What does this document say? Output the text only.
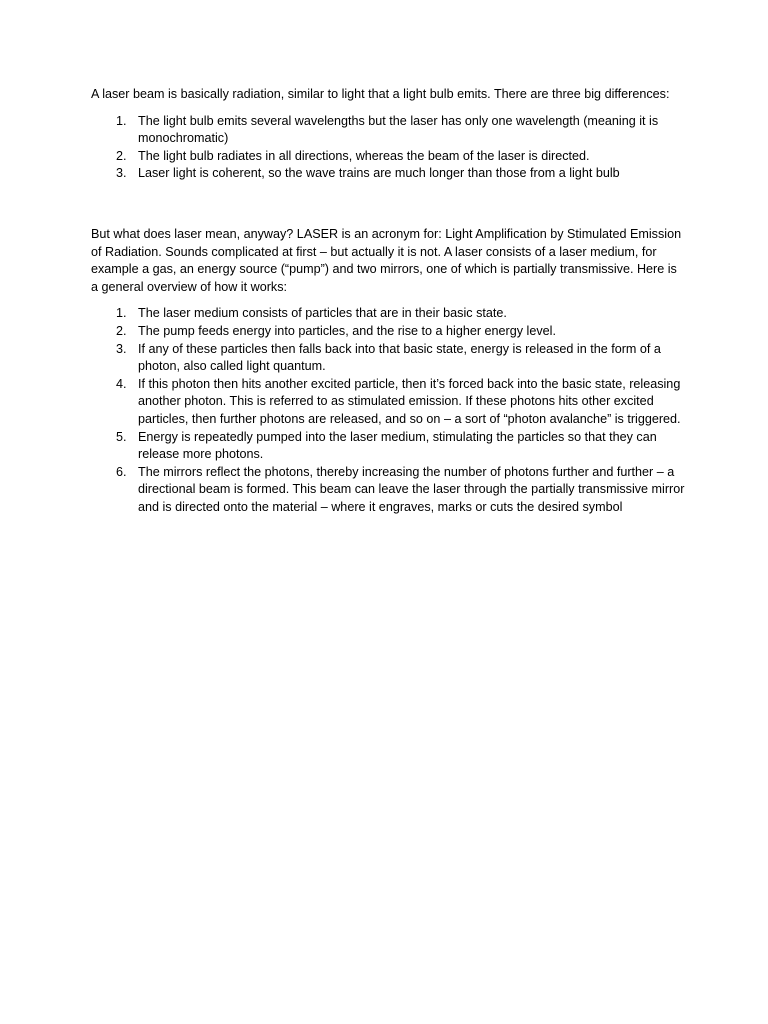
A laser beam is basically radiation, similar to light that a light bulb emits. There are three big differences:

1. The light bulb emits several wavelengths but the laser has only one wavelength (meaning it is monochromatic)
2. The light bulb radiates in all directions, whereas the beam of the laser is directed.
3. Laser light is coherent, so the wave trains are much longer than those from a light bulb

But what does laser mean, anyway? LASER is an acronym for: Light Amplification by Stimulated Emission of Radiation. Sounds complicated at first – but actually it is not. A laser consists of a laser medium, for example a gas, an energy source (“pump”) and two mirrors, one of which is partially transmissive. Here is a general overview of how it works:

1. The laser medium consists of particles that are in their basic state.
2. The pump feeds energy into particles, and the rise to a higher energy level.
3. If any of these particles then falls back into that basic state, energy is released in the form of a photon, also called light quantum.
4. If this photon then hits another excited particle, then it’s forced back into the basic state, releasing another photon. This is referred to as stimulated emission. If these photons hits other excited particles, then further photons are released, and so on – a sort of “photon avalanche” is triggered.
5. Energy is repeatedly pumped into the laser medium, stimulating the particles so that they can release more photons.
6. The mirrors reflect the photons, thereby increasing the number of photons further and further – a directional beam is formed. This beam can leave the laser through the partially transmissive mirror and is directed onto the material – where it engraves, marks or cuts the desired symbol
